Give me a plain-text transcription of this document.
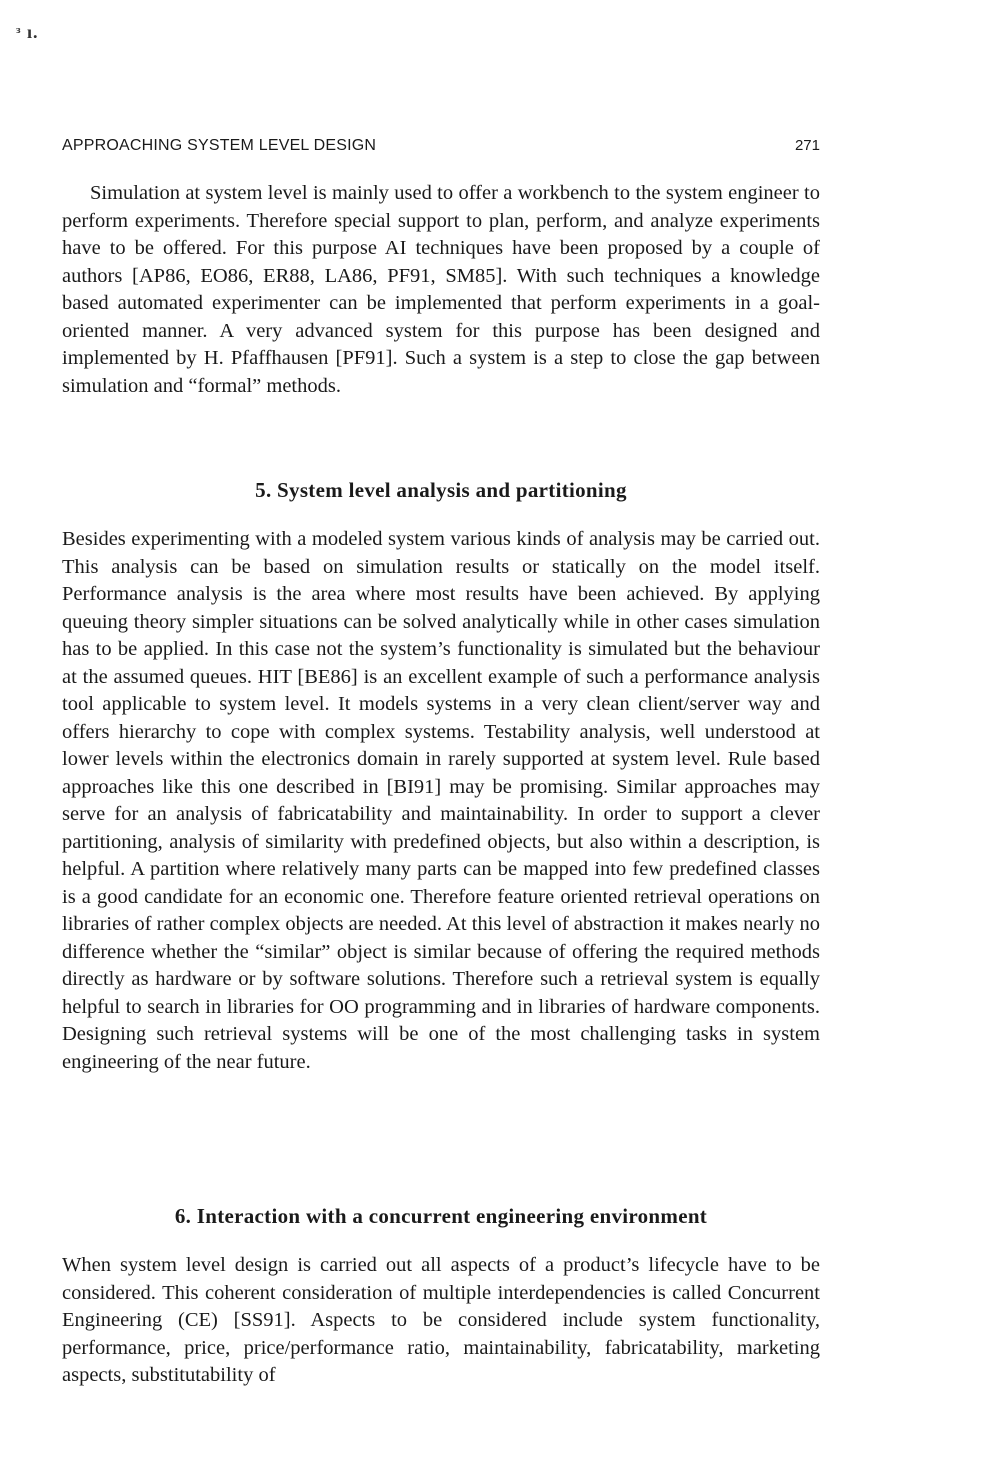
ᵌ ı.
APPROACHING SYSTEM LEVEL DESIGN	271

Simulation at system level is mainly used to offer a workbench to the system engineer to perform experiments. Therefore special support to plan, perform, and analyze experiments have to be offered. For this purpose AI techniques have been proposed by a couple of authors [AP86, EO86, ER88, LA86, PF91, SM85]. With such techniques a knowledge based automated experimenter can be implemented that perform experiments in a goal-oriented manner. A very advanced system for this purpose has been designed and implemented by H. Pfaffhausen [PF91]. Such a system is a step to close the gap between simulation and “formal” methods.

5. System level analysis and partitioning

Besides experimenting with a modeled system various kinds of analysis may be carried out. This analysis can be based on simulation results or statically on the model itself. Performance analysis is the area where most results have been achieved. By applying queuing theory simpler situations can be solved analytically while in other cases simulation has to be applied. In this case not the system’s functionality is simulated but the behaviour at the assumed queues. HIT [BE86] is an excellent example of such a performance analysis tool applicable to system level. It models systems in a very clean client/server way and offers hierarchy to cope with complex systems. Testability analysis, well understood at lower levels within the electronics domain in rarely supported at system level. Rule based approaches like this one described in [BI91] may be promising. Similar approaches may serve for an analysis of fabricatability and maintainability. In order to support a clever partitioning, analysis of similarity with predefined objects, but also within a description, is helpful. A partition where relatively many parts can be mapped into few predefined classes is a good candidate for an economic one. Therefore feature oriented retrieval operations on libraries of rather complex objects are needed. At this level of abstraction it makes nearly no difference whether the “similar” object is similar because of offering the required methods directly as hardware or by software solutions. Therefore such a retrieval system is equally helpful to search in libraries for OO programming and in libraries of hardware components. Designing such retrieval systems will be one of the most challenging tasks in system engineering of the near future.

6. Interaction with a concurrent engineering environment

When system level design is carried out all aspects of a product’s lifecycle have to be considered. This coherent consideration of multiple interdependencies is called Concurrent Engineering (CE) [SS91]. Aspects to be considered include system functionality, performance, price, price/performance ratio, maintainability, fabricatability, marketing aspects, substitutability of
